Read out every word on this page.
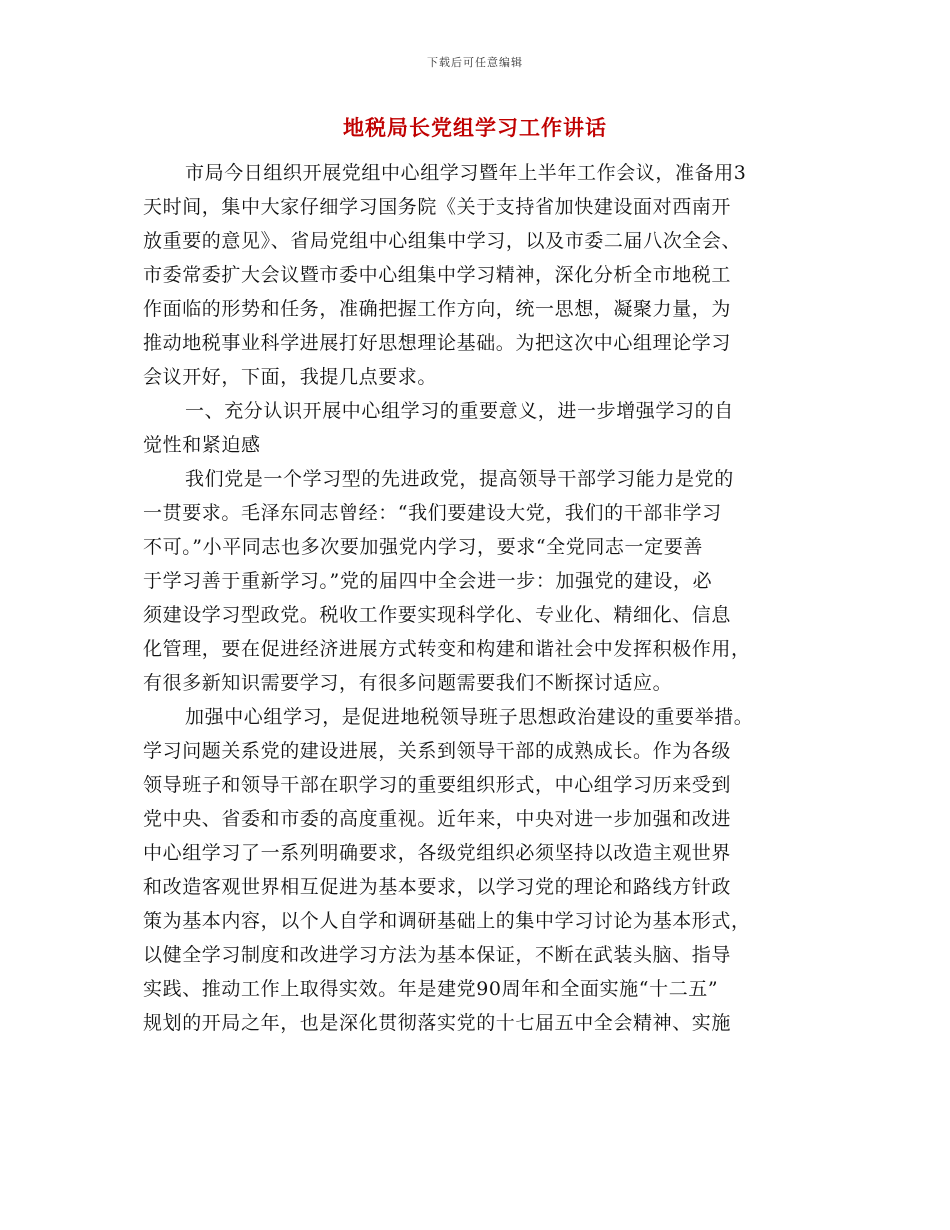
下载后可任意编辑
地税局长党组学习工作讲话
市局今日组织开展党组中心组学习暨年上半年工作会议，准备用3
天时间，集中大家仔细学习国务院《关于支持省加快建设面对西南开
放重要的意见》、省局党组中心组集中学习，以及市委二届八次全会、
市委常委扩大会议暨市委中心组集中学习精神，深化分析全市地税工
作面临的形势和任务，准确把握工作方向，统一思想，凝聚力量，为
推动地税事业科学进展打好思想理论基础。为把这次中心组理论学习
会议开好，下面，我提几点要求。
一、充分认识开展中心组学习的重要意义，进一步增强学习的自
觉性和紧迫感
我们党是一个学习型的先进政党，提高领导干部学习能力是党的
一贯要求。毛泽东同志曾经：“我们要建设大党，我们的干部非学习
不可。”小平同志也多次要加强党内学习，要求“全党同志一定要善
于学习善于重新学习。”党的届四中全会进一步：加强党的建设，必
须建设学习型政党。税收工作要实现科学化、专业化、精细化、信息
化管理，要在促进经济进展方式转变和构建和谐社会中发挥积极作用，
有很多新知识需要学习，有很多问题需要我们不断探讨适应。
加强中心组学习，是促进地税领导班子思想政治建设的重要举措。
学习问题关系党的建设进展，关系到领导干部的成熟成长。作为各级
领导班子和领导干部在职学习的重要组织形式，中心组学习历来受到
党中央、省委和市委的高度重视。近年来，中央对进一步加强和改进
中心组学习了一系列明确要求，各级党组织必须坚持以改造主观世界
和改造客观世界相互促进为基本要求，以学习党的理论和路线方针政
策为基本内容，以个人自学和调研基础上的集中学习讨论为基本形式，
以健全学习制度和改进学习方法为基本保证，不断在武装头脑、指导
实践、推动工作上取得实效。年是建党90周年和全面实施“十二五”
规划的开局之年，也是深化贯彻落实党的十七届五中全会精神、实施
